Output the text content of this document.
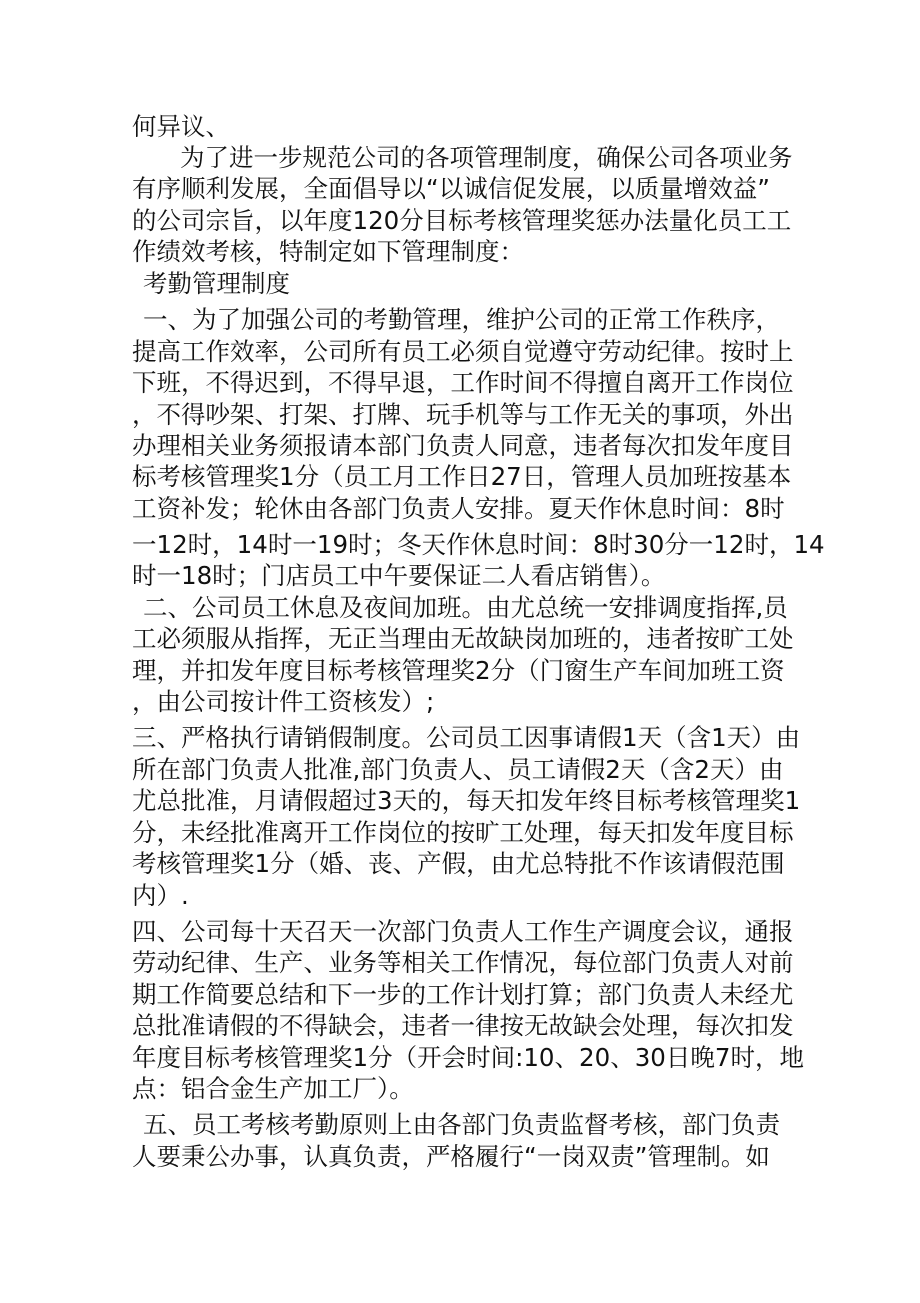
何异议、
为了进一步规范公司的各项管理制度，确保公司各项业务
有序顺利发展，全面倡导以“以诚信促发展，以质量增效益”
的公司宗旨，以年度120分目标考核管理奖惩办法量化员工工
作绩效考核，特制定如下管理制度：
考勤管理制度
一、为了加强公司的考勤管理，维护公司的正常工作秩序，
提高工作效率，公司所有员工必须自觉遵守劳动纪律。按时上
下班，不得迟到，不得早退，工作时间不得擅自离开工作岗位
，不得吵架、打架、打牌、玩手机等与工作无关的事项，外出
办理相关业务须报请本部门负责人同意，违者每次扣发年度目
标考核管理奖1分（员工月工作日27日，管理人员加班按基本
工资补发；轮休由各部门负责人安排。夏天作休息时间：8时
一12时，14时一19时；冬天作休息时间：8时30分一12时，14
时一18时；门店员工中午要保证二人看店销售）。
二、公司员工休息及夜间加班。由尤总统一安排调度指挥,员
工必须服从指挥，无正当理由无故缺岗加班的，违者按旷工处
理，并扣发年度目标考核管理奖2分（门窗生产车间加班工资
，由公司按计件工资核发）;
三、严格执行请销假制度。公司员工因事请假1天（含1天）由
所在部门负责人批准,部门负责人、员工请假2天（含2天）由
尤总批准，月请假超过3天的，每天扣发年终目标考核管理奖1
分，未经批准离开工作岗位的按旷工处理，每天扣发年度目标
考核管理奖1分（婚、丧、产假，由尤总特批不作该请假范围
内）.
四、公司每十天召天一次部门负责人工作生产调度会议，通报
劳动纪律、生产、业务等相关工作情况，每位部门负责人对前
期工作简要总结和下一步的工作计划打算；部门负责人未经尤
总批准请假的不得缺会，违者一律按无故缺会处理，每次扣发
年度目标考核管理奖1分（开会时间:10、20、30日晚7时，地
点：铝合金生产加工厂）。
五、员工考核考勤原则上由各部门负责监督考核，部门负责
人要秉公办事，认真负责，严格履行“一岗双责”管理制。如
